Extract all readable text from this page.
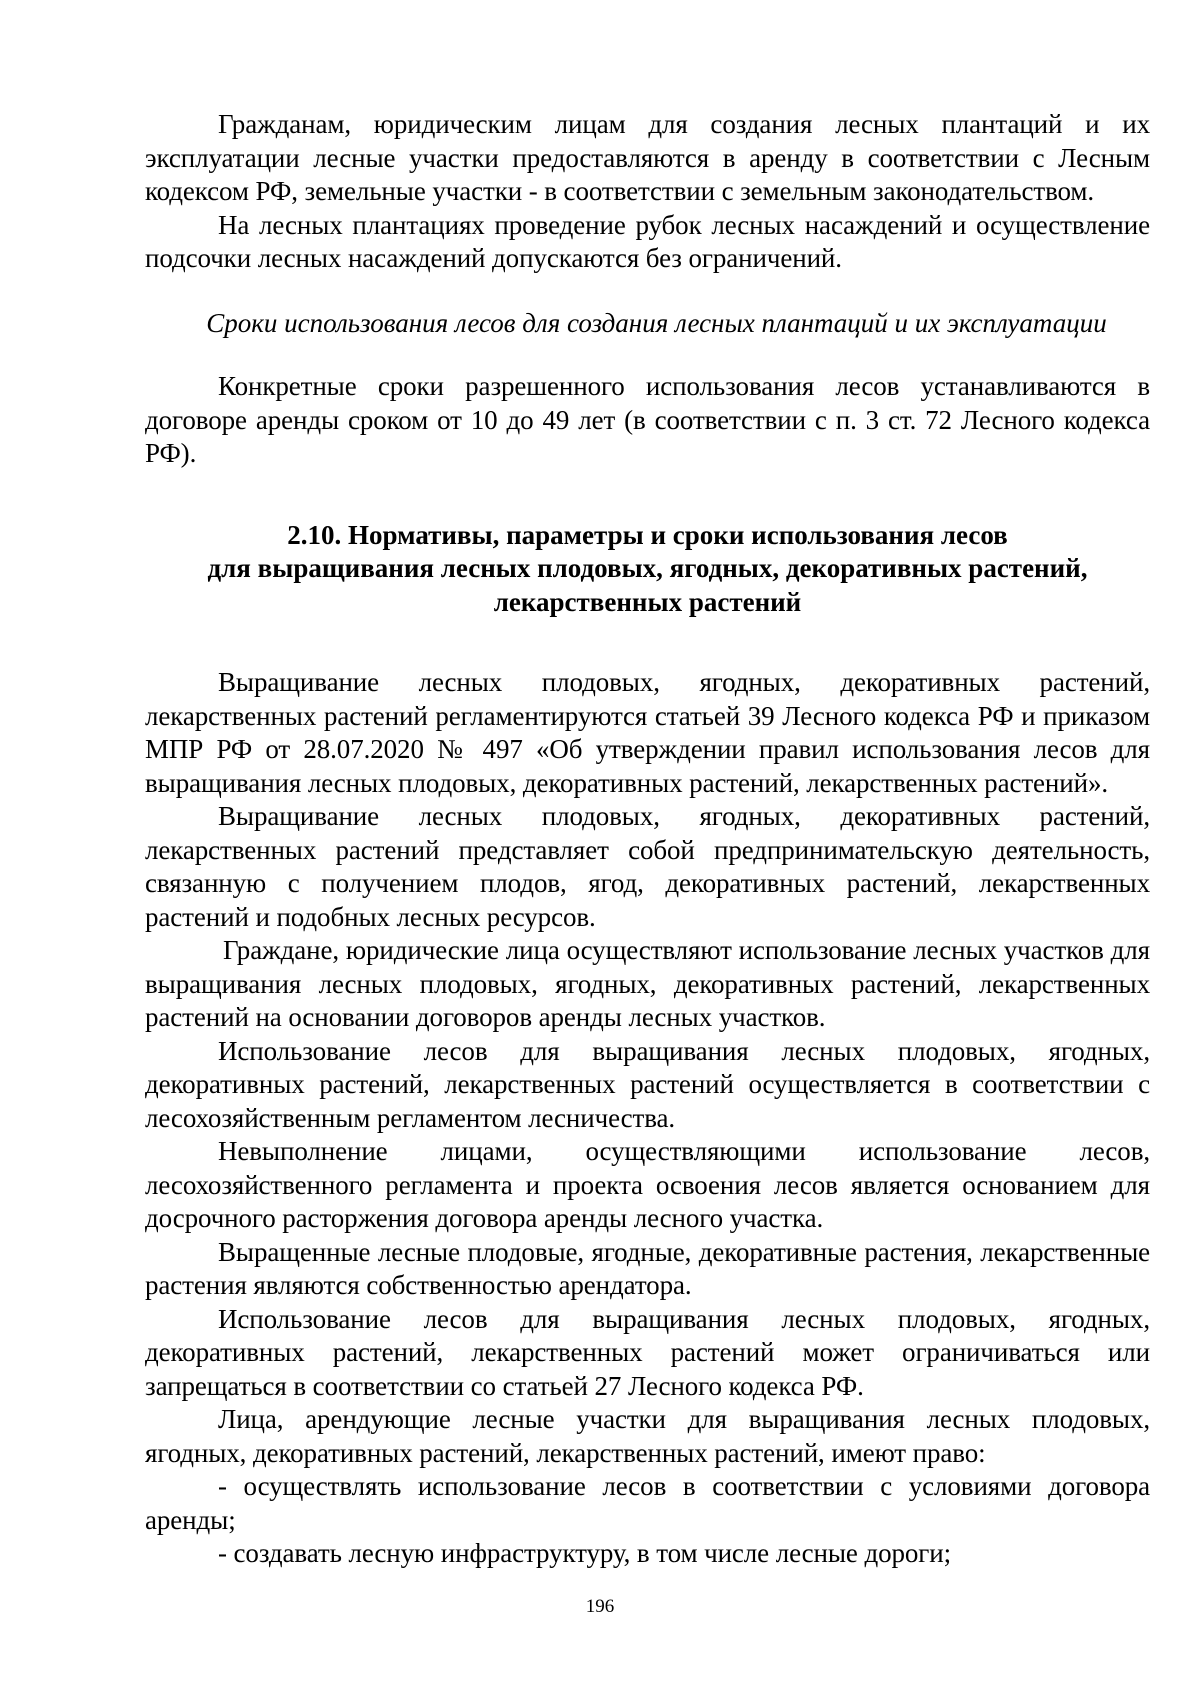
Гражданам, юридическим лицам для создания лесных плантаций и их эксплуатации лесные участки предоставляются в аренду в соответствии с Лесным кодексом РФ, земельные участки - в соответствии с земельным законодательством.

На лесных плантациях проведение рубок лесных насаждений и осуществление подсочки лесных насаждений допускаются без ограничений.

Сроки использования лесов для создания лесных плантаций и их эксплуатации

Конкретные сроки разрешенного использования лесов устанавливаются в договоре аренды сроком от 10 до 49 лет (в соответствии с п. 3 ст. 72 Лесного кодекса РФ).

2.10. Нормативы, параметры и сроки использования лесов
для выращивания лесных плодовых, ягодных, декоративных растений,
лекарственных растений

Выращивание лесных плодовых, ягодных, декоративных растений, лекарственных растений регламентируются статьей 39 Лесного кодекса РФ и приказом МПР РФ от 28.07.2020 № 497 «Об утверждении правил использования лесов для выращивания лесных плодовых, декоративных растений, лекарственных растений».

Выращивание лесных плодовых, ягодных, декоративных растений, лекарственных растений представляет собой предпринимательскую деятельность, связанную с получением плодов, ягод, декоративных растений, лекарственных растений и подобных лесных ресурсов.

Граждане, юридические лица осуществляют использование лесных участков для выращивания лесных плодовых, ягодных, декоративных растений, лекарственных растений на основании договоров аренды лесных участков.

Использование лесов для выращивания лесных плодовых, ягодных, декоративных растений, лекарственных растений осуществляется в соответствии с лесохозяйственным регламентом лесничества.

Невыполнение лицами, осуществляющими использование лесов, лесохозяйственного регламента и проекта освоения лесов является основанием для досрочного расторжения договора аренды лесного участка.

Выращенные лесные плодовые, ягодные, декоративные растения, лекарственные растения являются собственностью арендатора.

Использование лесов для выращивания лесных плодовых, ягодных, декоративных растений, лекарственных растений может ограничиваться или запрещаться в соответствии со статьей 27 Лесного кодекса РФ.

Лица, арендующие лесные участки для выращивания лесных плодовых, ягодных, декоративных растений, лекарственных растений, имеют право:

- осуществлять использование лесов в соответствии с условиями договора аренды;

- создавать лесную инфраструктуру, в том числе лесные дороги;

196
